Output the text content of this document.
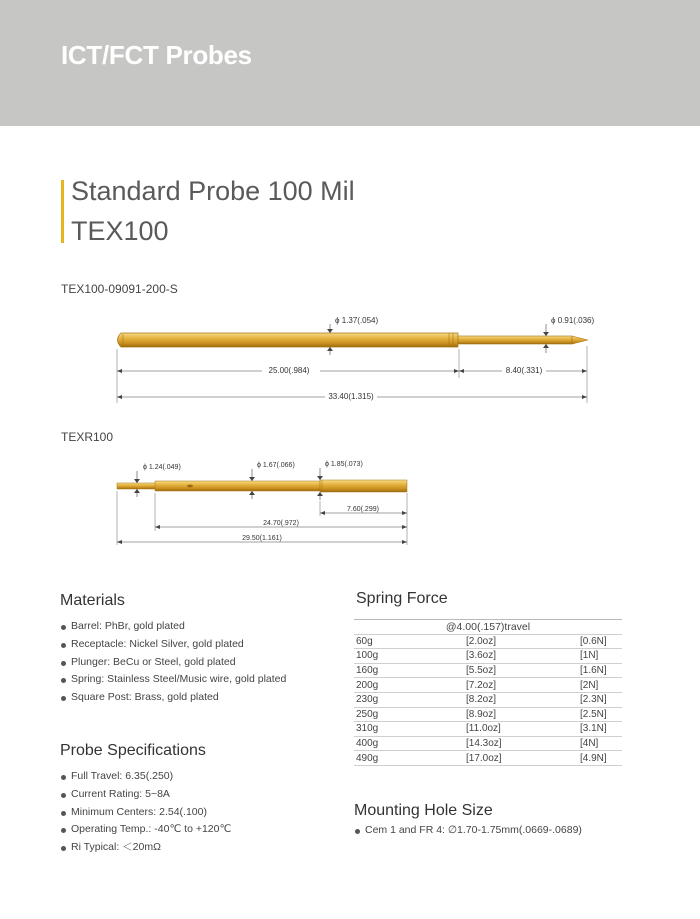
ICT/FCT Probes
Standard Probe 100 Mil
TEX100
TEX100-09091-200-S
ϕ 1.37(.054)	ϕ 0.91(.036)
25.00(.984)	8.40(.331)
33.40(1.315)
TEXR100
ϕ 1.24(.049)	ϕ 1.67(.066)	ϕ 1.85(.073)
7.60(.299)
24.70(.972)
29.50(1.161)
Materials
Barrel: PhBr, gold plated
Receptacle: Nickel Silver, gold plated
Plunger: BeCu or Steel, gold plated
Spring: Stainless Steel/Music wire, gold plated
Square Post: Brass, gold plated
Probe Specifications
Full Travel: 6.35(.250)
Current Rating: 5~8A
Minimum Centers: 2.54(.100)
Operating Temp.: -40℃ to +120℃
Ri Typical: ＜20mΩ
Spring Force
@4.00(.157)travel		
60g	[2.0oz]	[0.6N]
100g	[3.6oz]	[1N]
160g	[5.5oz]	[1.6N]
200g	[7.2oz]	[2N]
230g	[8.2oz]	[2.3N]
250g	[8.9oz]	[2.5N]
310g	[11.0oz]	[3.1N]
400g	[14.3oz]	[4N]
490g	[17.0oz]	[4.9N]
Mounting Hole Size
Cem 1 and FR 4: ∅1.70-1.75mm(.0669-.0689)
